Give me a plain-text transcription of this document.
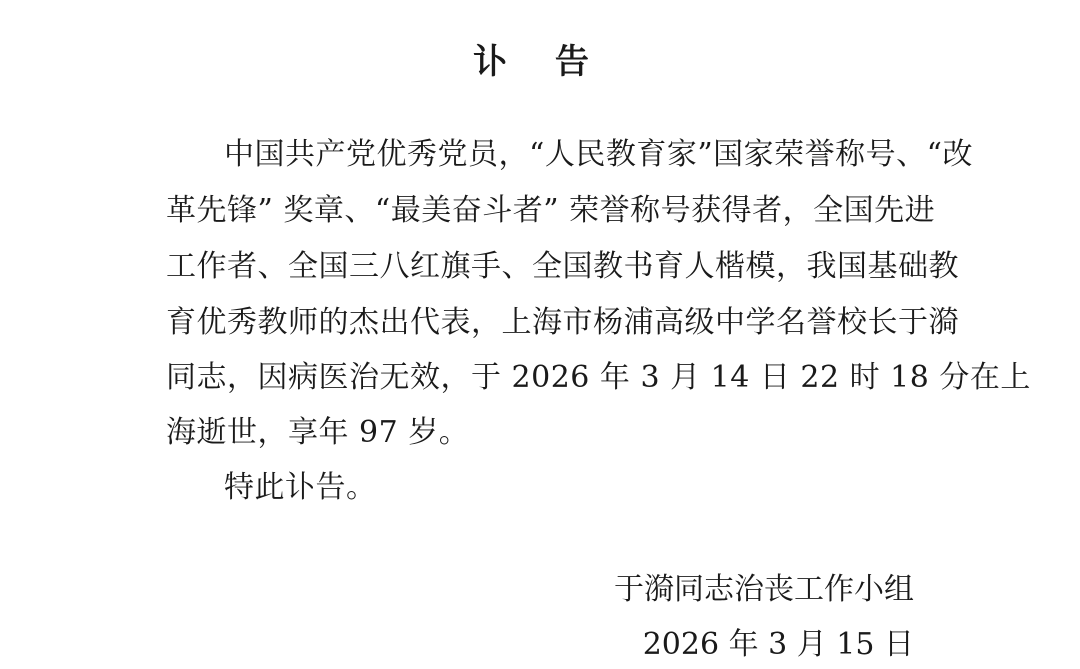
讣 告
中国共产党优秀党员，“人民教育家”国家荣誉称号、“改
革先锋” 奖章、“最美奋斗者” 荣誉称号获得者，全国先进
工作者、全国三八红旗手、全国教书育人楷模，我国基础教
育优秀教师的杰出代表，上海市杨浦高级中学名誉校长于漪
同志，因病医治无效，于 2026 年 3 月 14 日 22 时 18 分在上
海逝世，享年 97 岁。
特此讣告。
于漪同志治丧工作小组
2026 年 3 月 15 日
